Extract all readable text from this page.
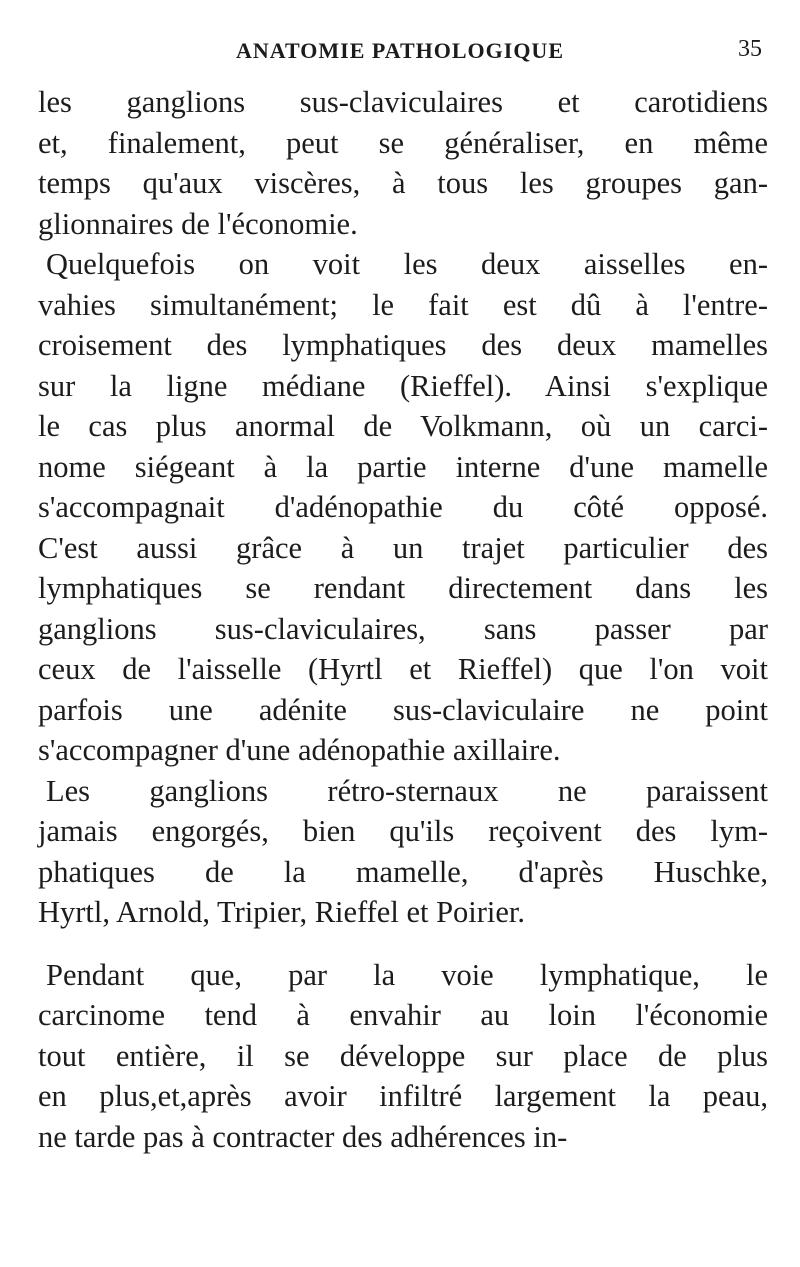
ANATOMIE PATHOLOGIQUE	35
les ganglions sus-claviculaires et carotidiens
et, finalement, peut se généraliser, en même
temps qu'aux viscères, à tous les groupes gan-
glionnaires de l'économie.
Quelquefois on voit les deux aisselles en-
vahies simultanément; le fait est dû à l'entre-
croisement des lymphatiques des deux mamelles
sur la ligne médiane (Rieffel). Ainsi s'explique
le cas plus anormal de Volkmann, où un carci-
nome siégeant à la partie interne d'une mamelle
s'accompagnait d'adénopathie du côté opposé.
C'est aussi grâce à un trajet particulier des
lymphatiques se rendant directement dans les
ganglions sus-claviculaires, sans passer par
ceux de l'aisselle (Hyrtl et Rieffel) que l'on voit
parfois une adénite sus-claviculaire ne point
s'accompagner d'une adénopathie axillaire.
Les ganglions rétro-sternaux ne paraissent
jamais engorgés, bien qu'ils reçoivent des lym-
phatiques de la mamelle, d'après Huschke,
Hyrtl, Arnold, Tripier, Rieffel et Poirier.
Pendant que, par la voie lymphatique, le
carcinome tend à envahir au loin l'économie
tout entière, il se développe sur place de plus
en plus,et,après avoir infiltré largement la peau,
ne tarde pas à contracter des adhérences in-
